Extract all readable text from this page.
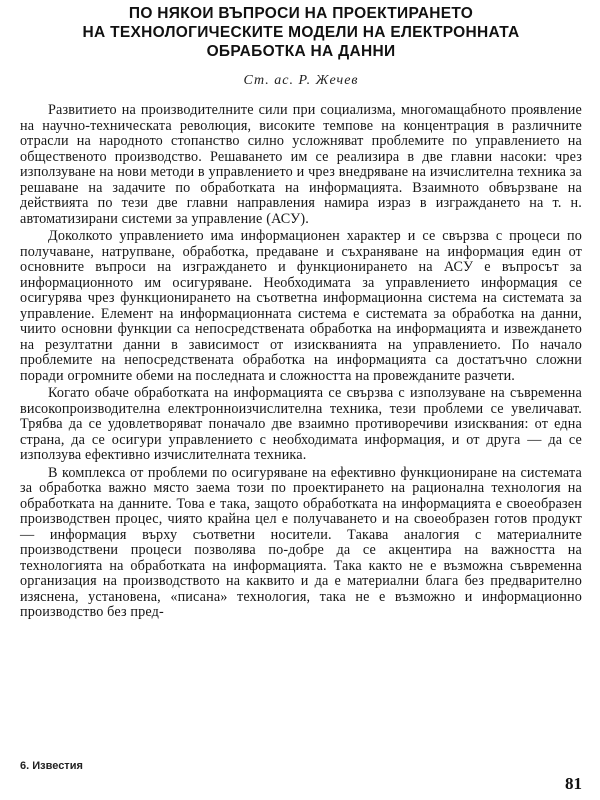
ПО НЯКОИ ВЪПРОСИ НА ПРОЕКТИРАНЕТО
НА ТЕХНОЛОГИЧЕСКИТЕ МОДЕЛИ НА ЕЛЕКТРОННАТА
ОБРАБОТКА НА ДАННИ
Ст. ас. Р. Жечев

Развитието на производителните сили при социализма, многомащабното проявление на научно-техническата революция, високите темпове на концентрация в различните отрасли на народното стопанство силно усложняват проблемите по управлението на общественото производство. Решаването им се реализира в две главни насоки: чрез използуване на нови методи в управлението и чрез внедряване на изчислителна техника за решаване на задачите по обработката на информацията. Взаимното обвързване на действията по тези две главни направления намира израз в изграждането на т. н. автоматизирани системи за управление (АСУ).

Доколкото управлението има информационен характер и се свързва с процеси по получаване, натрупване, обработка, предаване и съхраняване на информация един от основните въпроси на изграждането и функционирането на АСУ е въпросът за информационното им осигуряване. Необходимата за управлението информация се осигурява чрез функционирането на съответна информационна система на системата за управление. Елемент на информационната система е системата за обработка на данни, чиито основни функции са непосредствената обработка на информацията и извеждането на резултатни данни в зависимост от изискванията на управлението. По начало проблемите на непосредствената обработка на информацията са достатъчно сложни поради огромните обеми на последната и сложността на провежданите разчети.

Когато обаче обработката на информацията се свързва с използуване на съвременна високопроизводителна електронноизчислителна техника, тези проблеми се увеличават. Трябва да се удовлетворяват поначало две взаимно противоречиви изисквания: от една страна, да се осигури управлението с необходимата информация, и от друга — да се използува ефективно изчислителната техника.

В комплекса от проблеми по осигуряване на ефективно функциониране на системата за обработка важно място заема този по проектирането на рационална технология на обработката на данните. Това е така, защото обработката на информацията е своеобразен производствен процес, чиято крайна цел е получаването и на своеобразен готов продукт — информация върху съответни носители. Такава аналогия с материалните производствени процеси позволява по-добре да се акцентира на важността на технологията на обработката на информацията. Така както не е възможна съвременна организация на производството на каквито и да е материални блага без предварително изяснена, установена, «писана» технология, така не е възможно и информационно производство без пред-

6. Известия
81
